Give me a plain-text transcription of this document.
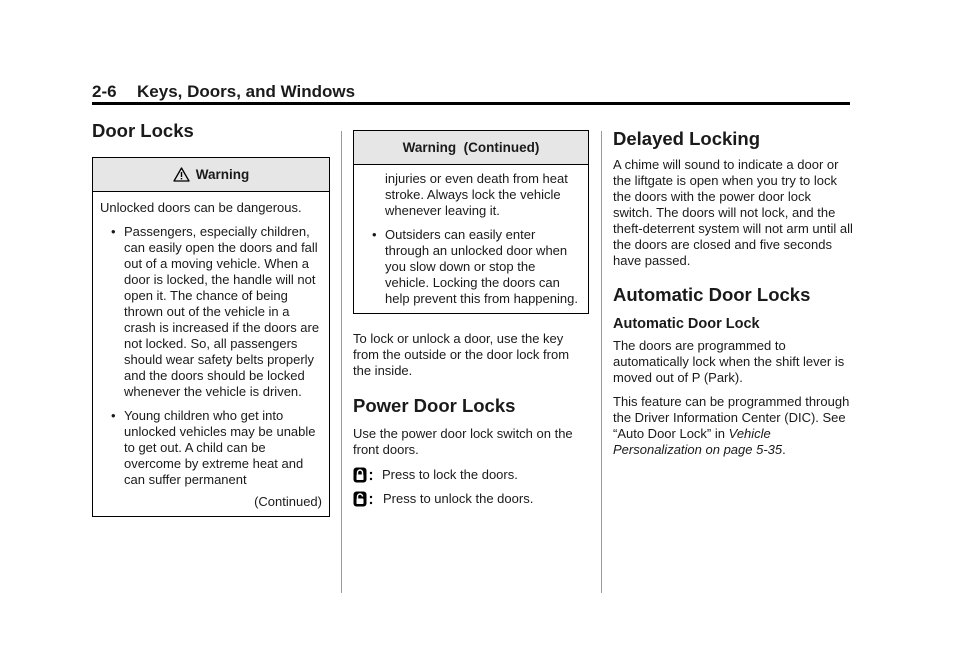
2-6 Keys, Doors, and Windows
Door Locks
Warning

Unlocked doors can be dangerous.

• Passengers, especially children, can easily open the doors and fall out of a moving vehicle. When a door is locked, the handle will not open it. The chance of being thrown out of the vehicle in a crash is increased if the doors are not locked. So, all passengers should wear safety belts properly and the doors should be locked whenever the vehicle is driven.
• Young children who get into unlocked vehicles may be unable to get out. A child can be overcome by extreme heat and can suffer permanent
(Continued)
Warning  (Continued)

injuries or even death from heat stroke. Always lock the vehicle whenever leaving it.

• Outsiders can easily enter through an unlocked door when you slow down or stop the vehicle. Locking the doors can help prevent this from happening.

To lock or unlock a door, use the key from the outside or the door lock from the inside.

Power Door Locks

Use the power door lock switch on the front doors.

Press to lock the doors.
Press to unlock the doors.
Delayed Locking

A chime will sound to indicate a door or the liftgate is open when you try to lock the doors with the power door lock switch. The doors will not lock, and the theft-deterrent system will not arm until all the doors are closed and five seconds have passed.

Automatic Door Locks
Automatic Door Lock

The doors are programmed to automatically lock when the shift lever is moved out of P (Park).

This feature can be programmed through the Driver Information Center (DIC). See “Auto Door Lock” in Vehicle Personalization on page 5-35.
